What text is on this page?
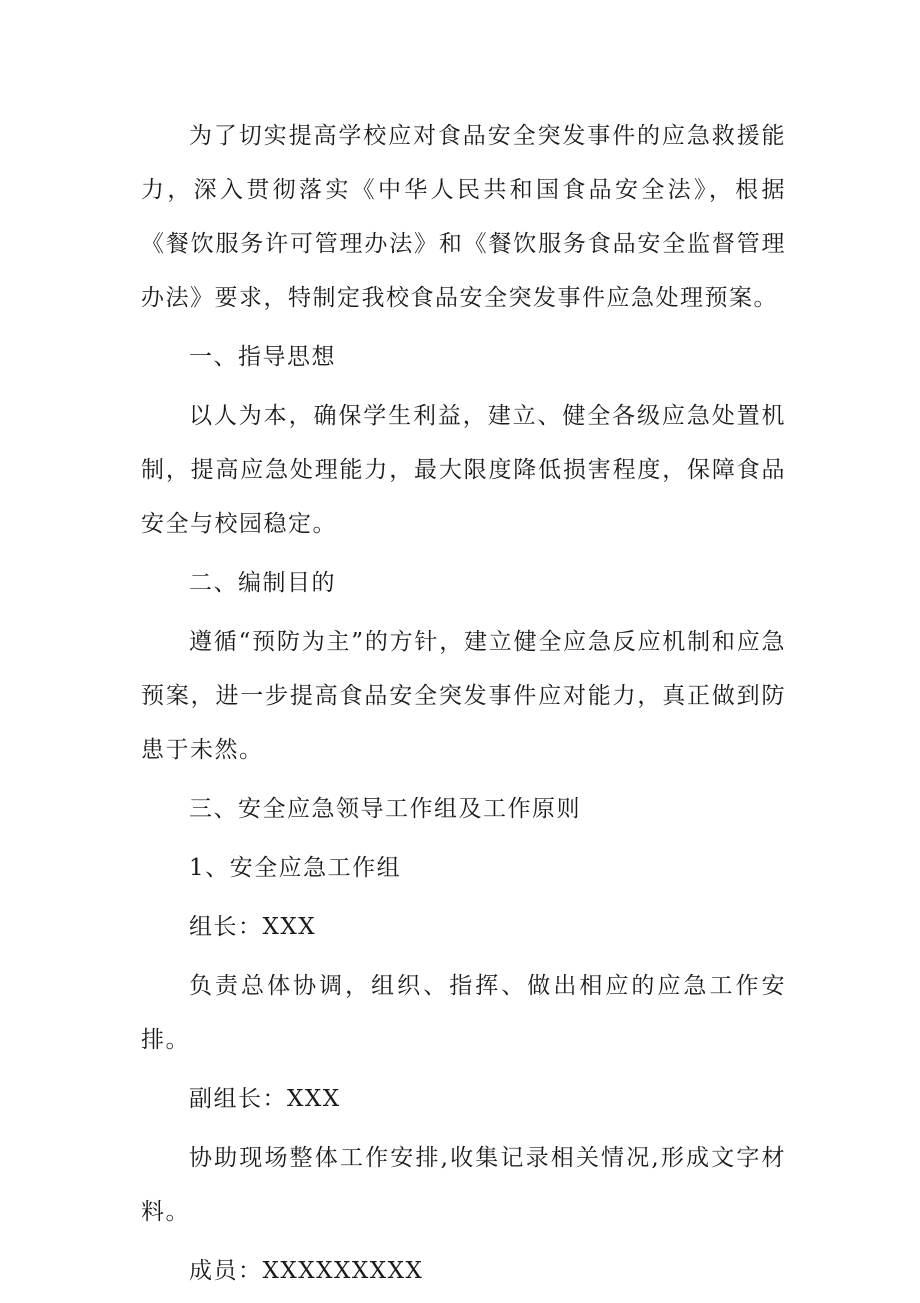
为了切实提高学校应对食品安全突发事件的应急救援能力，深入贯彻落实《中华人民共和国食品安全法》，根据《餐饮服务许可管理办法》和《餐饮服务食品安全监督管理办法》要求，特制定我校食品安全突发事件应急处理预案。

一、指导思想

以人为本，确保学生利益，建立、健全各级应急处置机制，提高应急处理能力，最大限度降低损害程度，保障食品安全与校园稳定。

二、编制目的

遵循“预防为主”的方针，建立健全应急反应机制和应急预案，进一步提高食品安全突发事件应对能力，真正做到防患于未然。

三、安全应急领导工作组及工作原则

1、安全应急工作组

组长：XXX

负责总体协调，组织、指挥、做出相应的应急工作安排。

副组长：XXX

协助现场整体工作安排,收集记录相关情况,形成文字材料。

成员：XXXXXXXXX
